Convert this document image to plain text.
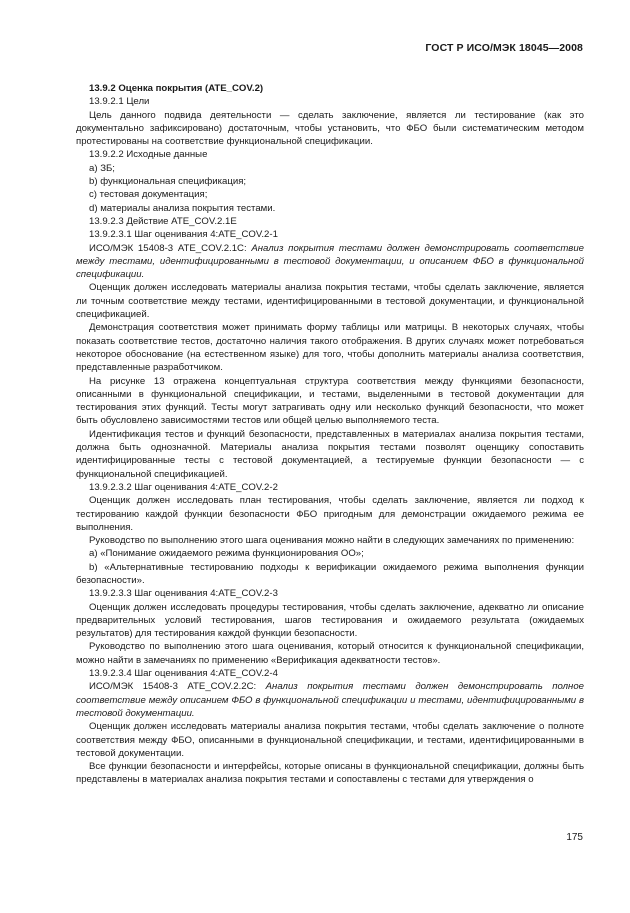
ГОСТ Р ИСО/МЭК 18045—2008

13.9.2 Оценка покрытия (ATE_COV.2)

13.9.2.1 Цели

Цель данного подвида деятельности — сделать заключение, является ли тестирование (как это документально зафиксировано) достаточным, чтобы установить, что ФБО были систематическим методом протестированы на соответствие функциональной спецификации.

13.9.2.2 Исходные данные

a) ЗБ;

b) функциональная спецификация;

c) тестовая документация;

d) материалы анализа покрытия тестами.

13.9.2.3 Действие ATE_COV.2.1E

13.9.2.3.1 Шаг оценивания 4:ATE_COV.2-1

ИСО/МЭК 15408-3 ATE_COV.2.1C: Анализ покрытия тестами должен демонстрировать соответствие между тестами, идентифицированными в тестовой документации, и описанием ФБО в функциональной спецификации.

Оценщик должен исследовать материалы анализа покрытия тестами, чтобы сделать заключение, является ли точным соответствие между тестами, идентифицированными в тестовой документации, и функциональной спецификацией.

Демонстрация соответствия может принимать форму таблицы или матрицы. В некоторых случаях, чтобы показать соответствие тестов, достаточно наличия такого отображения. В других случаях может потребоваться некоторое обоснование (на естественном языке) для того, чтобы дополнить материалы анализа соответствия, представленные разработчиком.

На рисунке 13 отражена концептуальная структура соответствия между функциями безопасности, описанными в функциональной спецификации, и тестами, выделенными в тестовой документации для тестирования этих функций. Тесты могут затрагивать одну или несколько функций безопасности, что может быть обусловлено зависимостями тестов или общей целью выполняемого теста.

Идентификация тестов и функций безопасности, представленных в материалах анализа покрытия тестами, должна быть однозначной. Материалы анализа покрытия тестами позволят оценщику сопоставить идентифицированные тесты с тестовой документацией, а тестируемые функции безопасности — с функциональной спецификацией.

13.9.2.3.2 Шаг оценивания 4:ATE_COV.2-2

Оценщик должен исследовать план тестирования, чтобы сделать заключение, является ли подход к тестированию каждой функции безопасности ФБО пригодным для демонстрации ожидаемого режима ее выполнения.

Руководство по выполнению этого шага оценивания можно найти в следующих замечаниях по применению:

a) «Понимание ожидаемого режима функционирования ОО»;

b) «Альтернативные тестированию подходы к верификации ожидаемого режима выполнения функции безопасности».

13.9.2.3.3 Шаг оценивания 4:ATE_COV.2-3

Оценщик должен исследовать процедуры тестирования, чтобы сделать заключение, адекватно ли описание предварительных условий тестирования, шагов тестирования и ожидаемого результата (ожидаемых результатов) для тестирования каждой функции безопасности.

Руководство по выполнению этого шага оценивания, который относится к функциональной спецификации, можно найти в замечаниях по применению «Верификация адекватности тестов».

13.9.2.3.4 Шаг оценивания 4:ATE_COV.2-4

ИСО/МЭК 15408-3 ATE_COV.2.2C: Анализ покрытия тестами должен демонстрировать полное соответствие между описанием ФБО в функциональной спецификации и тестами, идентифицированными в тестовой документации.

Оценщик должен исследовать материалы анализа покрытия тестами, чтобы сделать заключение о полноте соответствия между ФБО, описанными в функциональной спецификации, и тестами, идентифицированными в тестовой документации.

Все функции безопасности и интерфейсы, которые описаны в функциональной спецификации, должны быть представлены в материалах анализа покрытия тестами и сопоставлены с тестами для утверждения о

175
